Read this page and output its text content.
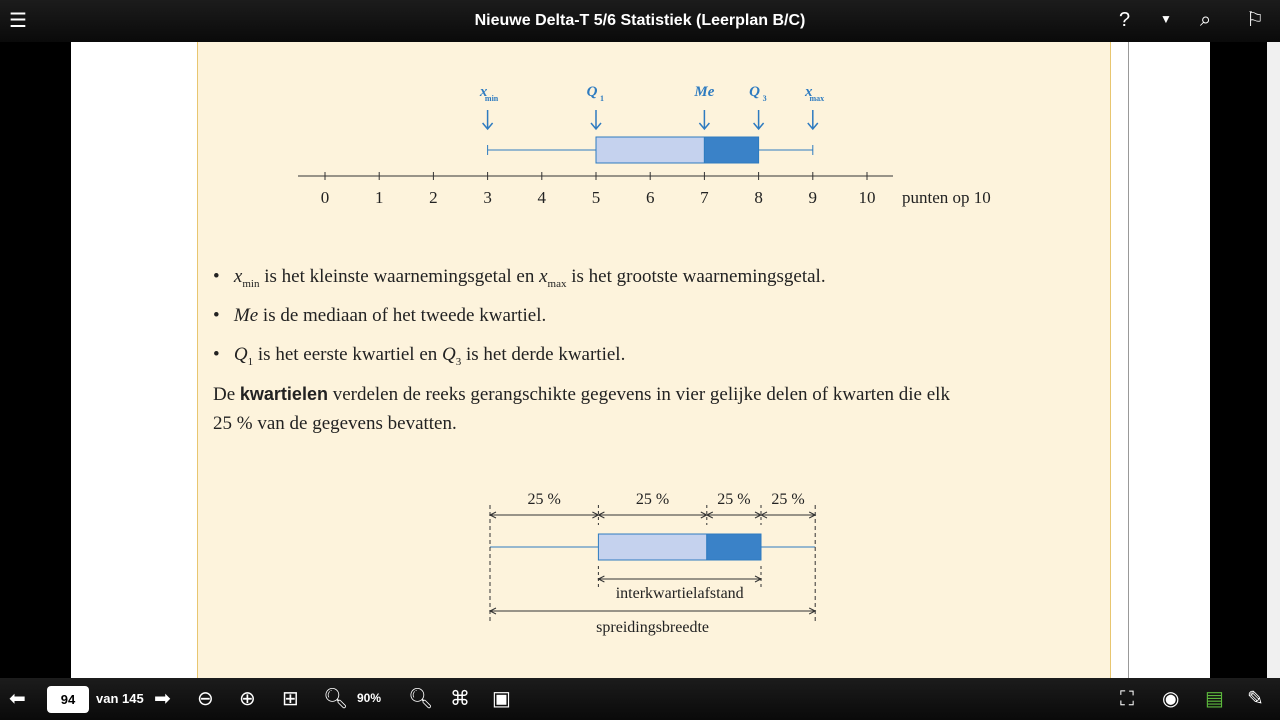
☰	Nieuwe Delta-T 5/6 Statistiek (Leerplan B/C)	? ▼ ⌕ ⚐
0	1	2	3	4	5	6	7	8	9 10 punten op 10
x
min	Q 1	Me Q 3	x
max
25 %	25 %	25 % 25 %
interkwartielafstand
spreidingsbreedte
•   $x_{min}$ is het kleinste waarnemingsgetal en $x_{max}$ is het grootste waarnemingsgetal.
•   Me is de mediaan of het tweede kwartiel.
•   $Q_1$ is het eerste kwartiel en $Q_3$ is het derde kwartiel.
De kwartielen verdelen de reeks gerangschikte gegevens in vier gelijke delen of kwarten die elk
25 % van de gegevens bevatten.
⬅	94	van 145 ➡ ⊖ ⊕ ⊞ 🔍︎ 90% 🔍︎ ⌘ ▣	⛶ ◉ ▤ ✎
